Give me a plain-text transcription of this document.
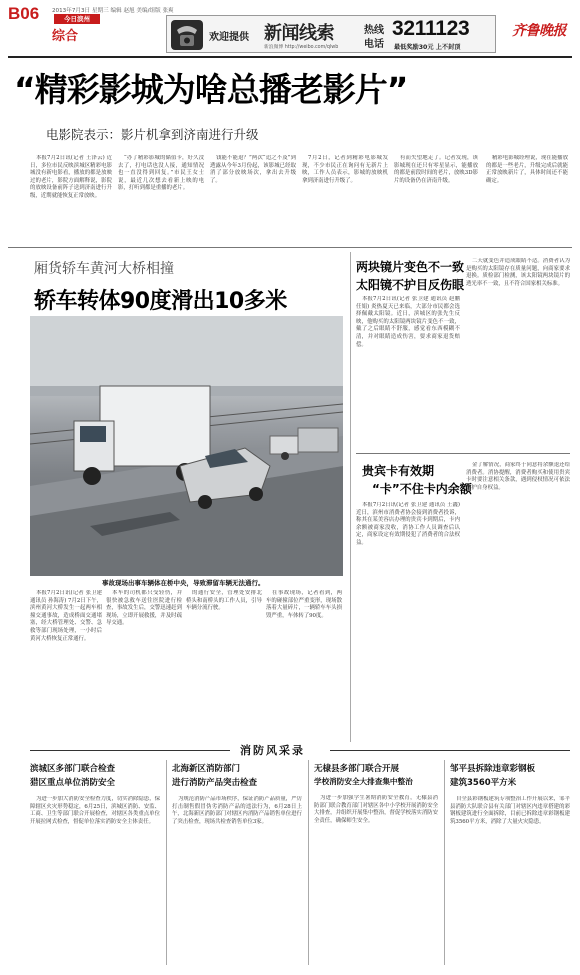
B06 2013年7月3日 星期三 编辑 赵旭 美编/组版 张爽
今日滨州
综合	欢迎提供 新闻线索
新浪微博 http://weibo.com/qlwb
热线
电话
3211123
最低奖励30元 上不封顶
齐鲁晚报
“精彩影城为啥总播老影片”
电影院表示：影片机拿到济南进行升级

本报7月2日讯(记者 王泽云) 近日，多位市民反映滨城区精彩电影城没有新电影看，播放的都是放映过的老片，影院方面解释说，影院的放映设备前阵子送到济南进行升级，近期就能恢复正常放映。

“办了精彩影城的储值卡，好久没去了，打电话也没人接，通知情况也一直没得到回复。”市民王女士说，最近几次想去看新上映的电影，打听到都是重播的老片。

钱能不能退？”两次“追之不及”到透露从今年3月份起，该影城已经取消了部分放映场次，拿出去升级了。

7月2日，记者到精彩电影城发现，不少市民正在询问有无新片上映，工作人员表示，影城的放映机拿到济南进行升级了。

有而失望地走了。记者发现，该影城现在还只有零星显示，能播放的都是前段时间的老片，放映3D影片的设备仍在济南升级。

精彩电影城经理说，现在能播放的都是一些老片，升级完成后就能正常放映新片了，具体时间还不能确定。

厢货轿车黄河大桥相撞
轿车转体90度滑出10多米
事故现场出事车辆体在桥中央，导致滞留车辆无法通行。

本报7月2日讯(记者 张卫建 通讯员 孙海涛) 7月2日下午，滨州黄河大桥发生一起两车相撞交通事故，造成桥面交通堵塞，经大桥管理处、交警、急救等部门现场处理，一小时后黄河大桥恢复正常通行。

本车的司机都只受轻伤，并很快被急救车送往医院进行检查，事故发生后，交警迅速赶到现场，立即开展救援，并及时疏导交通。

的通行安全，管理处安排北桥头和南桥头的工作人员，引导车辆分流行驶。

在事故现场，记者看到，两车的碰撞部位严重变形，现场散落着大量碎片，一辆轿车车头损毁严重，车体转了90度。

两块镜片变色不一致
太阳镜不护目反伤眼

本报7月2日讯(记者 张卫建 通讯员 赵鹏 任娟) 炎热夏天已来临，大部分市民都会选择佩戴太阳镜。近日，滨城区的张先生反映，他购买的太阳镜两块镜片变色不一致，戴了之后眼睛不舒服，感觉看东西模糊不清，并对眼睛造成伤害，要求商家退货赔偿。

二天就变色并造成眼睛不适。消费者认为是购买的太阳镜存在质量问题，向商家要求退换。质检部门检测，该太阳镜两块镜片的透光率不一致，且不符合国家相关标准。

贵宾卡有效期
“卡”不住卡内余额

本报7月2日讯(记者 张卫建 通讯员 王鑫) 近日，滨州市消费者协会接到消费者投诉，称其在某美容店办理的贵宾卡到期后，卡内余额被商家没收，消协工作人员调查后认定，商家设定有效期侵犯了消费者的合法权益。

金了解情况，商家终于同意将余额退还给消费者。消协提醒，消费者购买和使用贵宾卡时要注意相关条款，遇到侵权情况可依法维护自身权益。

消防风采录
滨城区多部门联合检查
猎区重点单位消防安全

为进一步加大消防安全检查力度，切实消除隐患，保障辖区火灾形势稳定，6月25日，滨城区消防、安监、工商、卫生等部门联合开展检查，对辖区各类重点单位开展拉网式检查，督促单位落实消防安全主体责任。

北海新区消防部门
进行消防产品突击检查

为规范消防产品市场秩序，保证消防产品质量，严厉打击制售假冒伪劣消防产品的违法行为，6月28日上午，北海新区消防部门对辖区内消防产品销售单位进行了突击检查，现场共检查销售单位3家。

无棣县多部门联合开展
学校消防安全大排查集中整治

为进一步加强学生暑期消防安全教育，无棣县消防部门联合教育部门对辖区各中小学校开展消防安全大排查，并组织开展集中整治，督促学校落实消防安全责任，确保师生安全。

邹平县拆除违章彩钢板
建筑3560平方米

自全县彩钢板建筑专项整治工作开展以来，邹平县消防大队联合县有关部门对辖区内违章搭建的彩钢板建筑进行全面拆除，目前已拆除违章彩钢板建筑3560平方米，消除了大量火灾隐患。
